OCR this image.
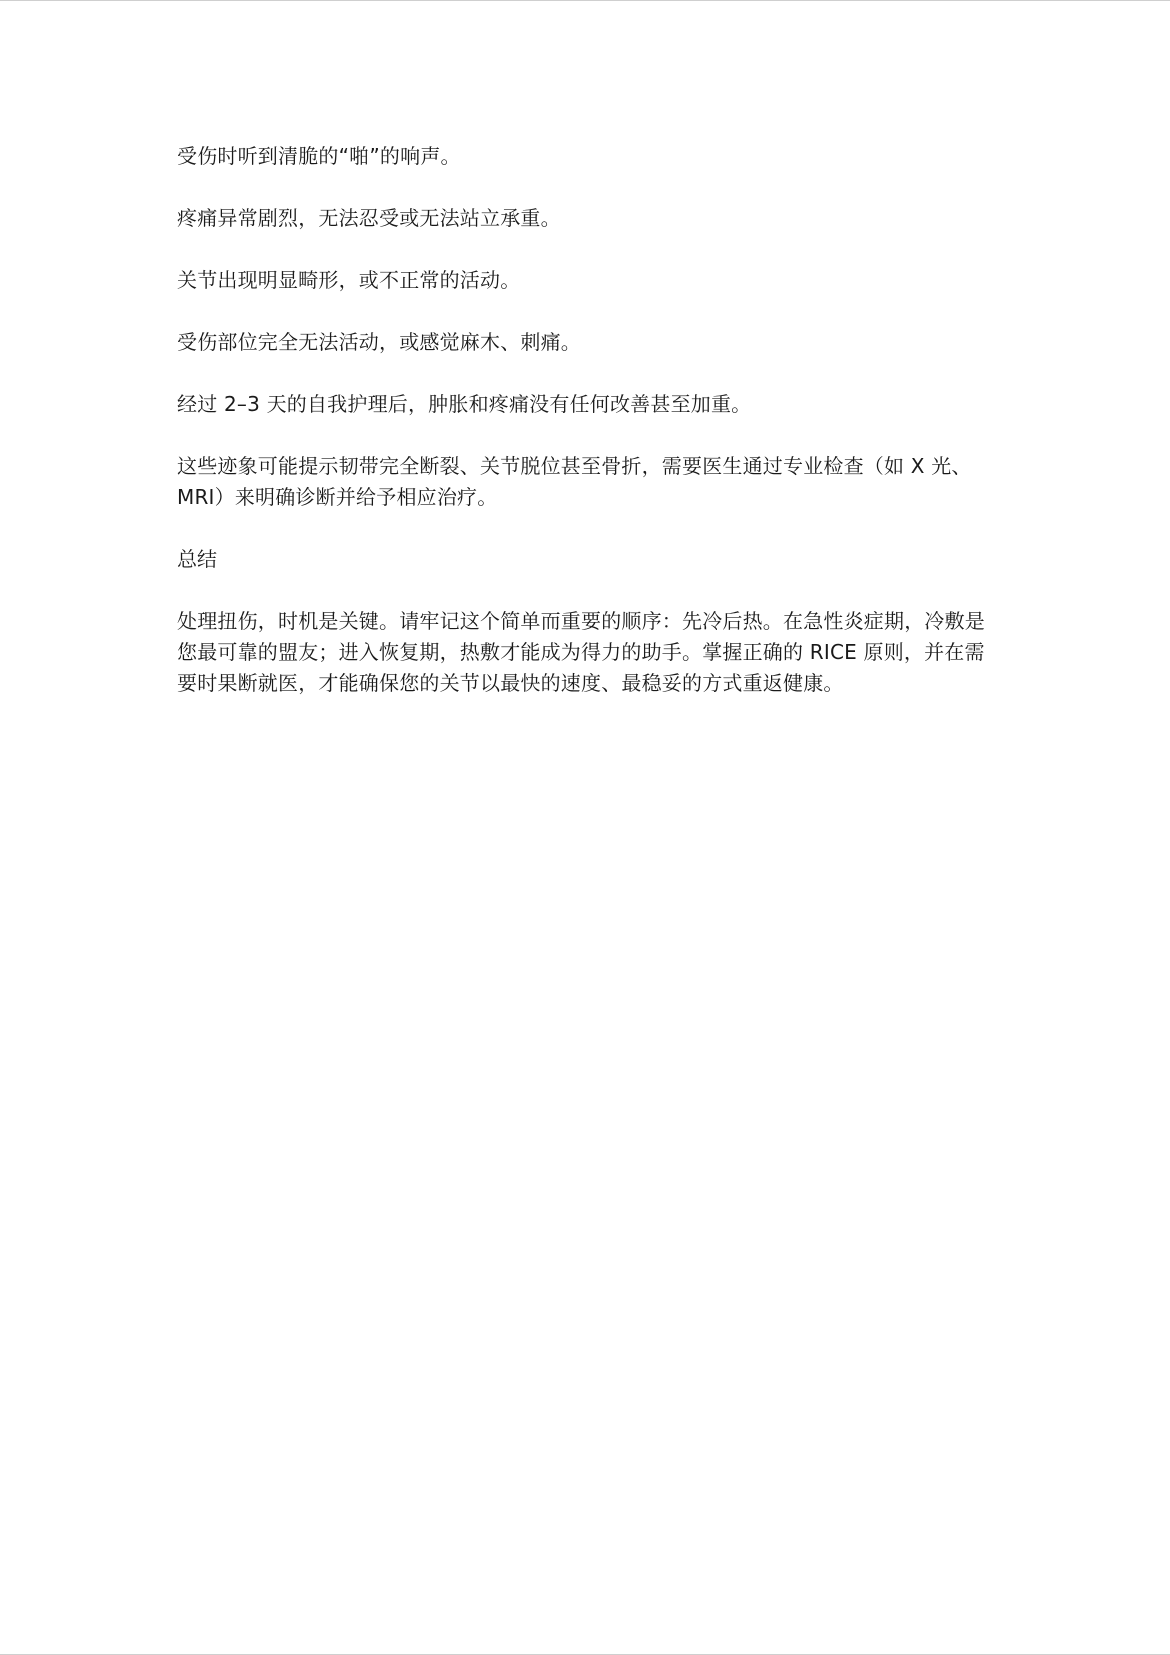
受伤时听到清脆的“啪”的响声。

疼痛异常剧烈，无法忍受或无法站立承重。

关节出现明显畸形，或不正常的活动。

受伤部位完全无法活动，或感觉麻木、刺痛。

经过 2–3 天的自我护理后，肿胀和疼痛没有任何改善甚至加重。

这些迹象可能提示韧带完全断裂、关节脱位甚至骨折，需要医生通过专业检查（如 X 光、MRI）来明确诊断并给予相应治疗。

总结

处理扭伤，时机是关键。请牢记这个简单而重要的顺序：先冷后热。在急性炎症期，冷敷是您最可靠的盟友；进入恢复期，热敷才能成为得力的助手。掌握正确的 RICE 原则，并在需要时果断就医，才能确保您的关节以最快的速度、最稳妥的方式重返健康。
